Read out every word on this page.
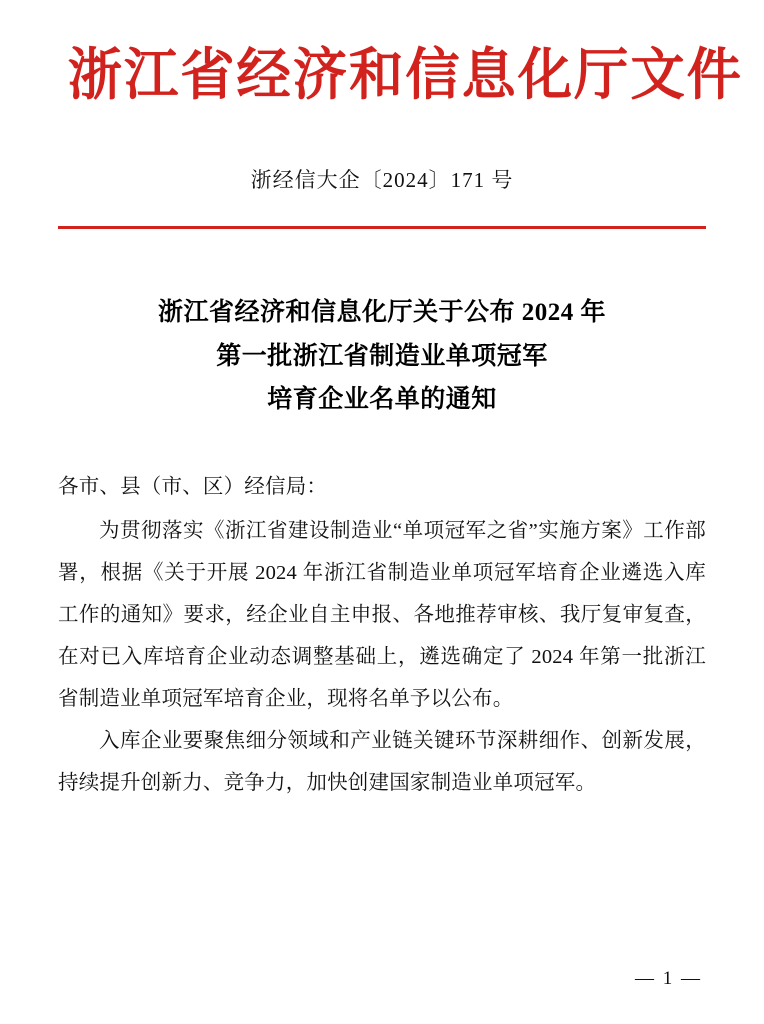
浙江省经济和信息化厅文件
浙经信大企〔2024〕171 号
浙江省经济和信息化厅关于公布 2024 年
第一批浙江省制造业单项冠军
培育企业名单的通知

各市、县（市、区）经信局：

为贯彻落实《浙江省建设制造业“单项冠军之省”实施方案》工作部署，根据《关于开展 2024 年浙江省制造业单项冠军培育企业遴选入库工作的通知》要求，经企业自主申报、各地推荐审核、我厅复审复查，在对已入库培育企业动态调整基础上，遴选确定了 2024 年第一批浙江省制造业单项冠军培育企业，现将名单予以公布。

入库企业要聚焦细分领域和产业链关键环节深耕细作、创新发展，持续提升创新力、竞争力，加快创建国家制造业单项冠军。

— 1 —
